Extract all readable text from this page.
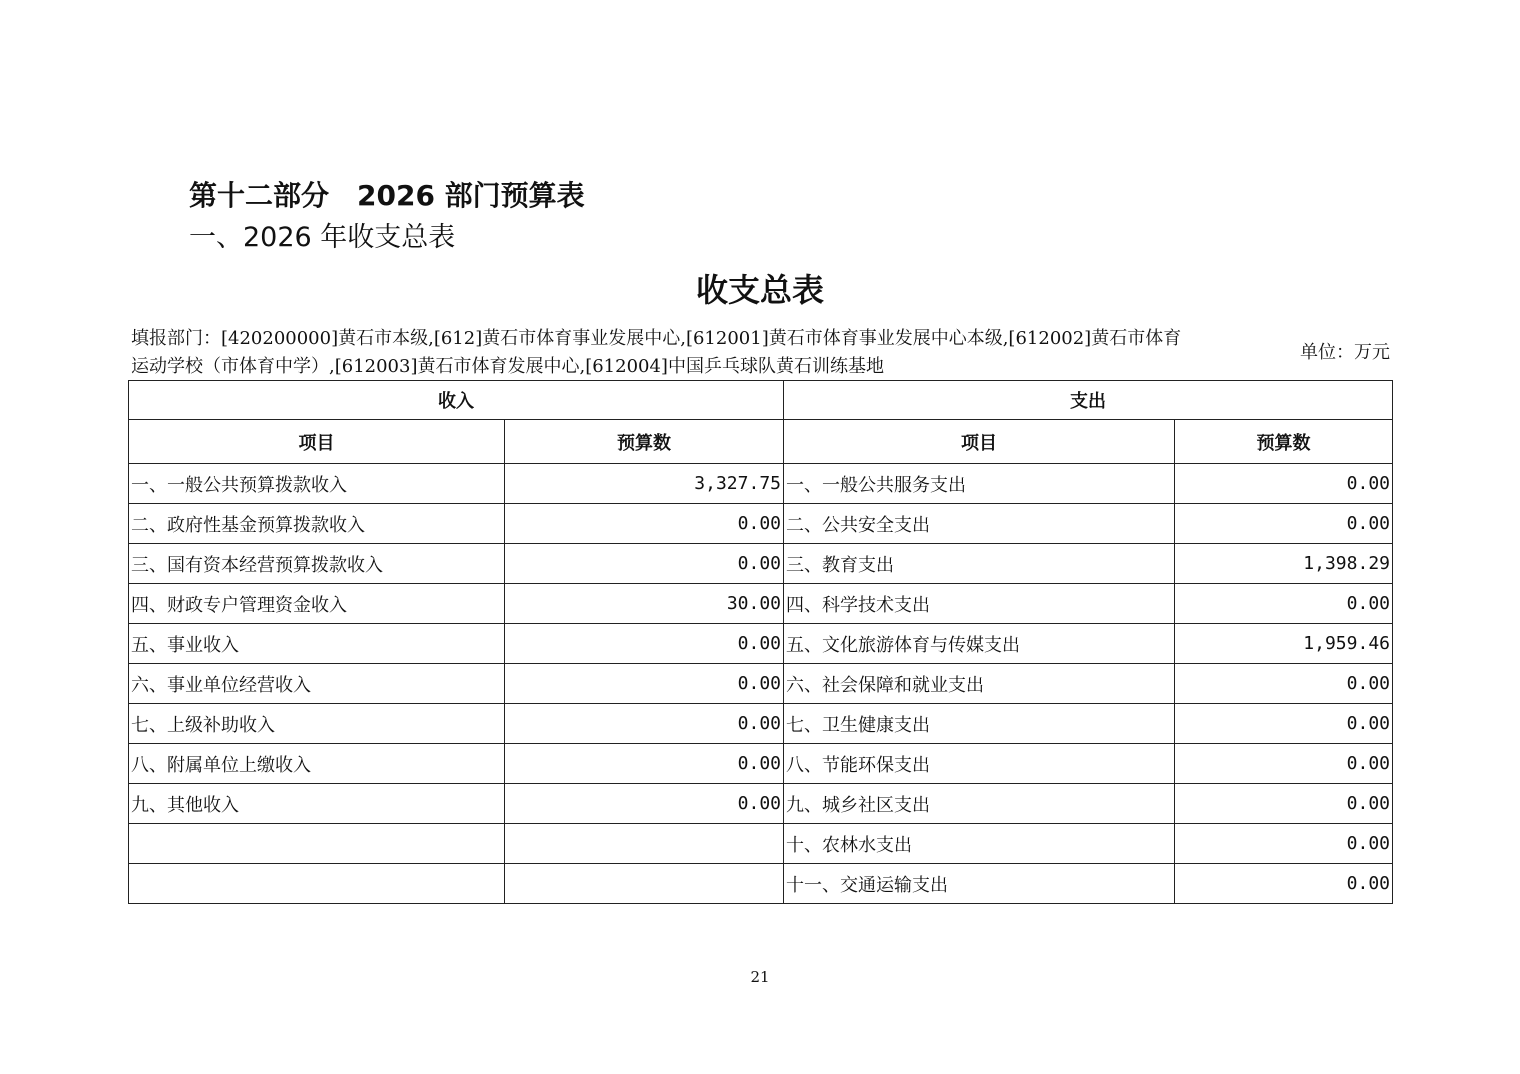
第十二部分　2026 部门预算表
一、2026 年收支总表
收支总表
填报部门：[420200000]黄石市本级,[612]黄石市体育事业发展中心,[612001]黄石市体育事业发展中心本级,[612002]黄石市体育运动学校（市体育中学）,[612003]黄石市体育发展中心,[612004]中国乒乓球队黄石训练基地
单位：万元
收入		支出	
项目	预算数	项目	预算数
一、一般公共预算拨款收入	3,327.75	一、一般公共服务支出	0.00
二、政府性基金预算拨款收入	0.00	二、公共安全支出	0.00
三、国有资本经营预算拨款收入	0.00	三、教育支出	1,398.29
四、财政专户管理资金收入	30.00	四、科学技术支出	0.00
五、事业收入	0.00	五、文化旅游体育与传媒支出	1,959.46
六、事业单位经营收入	0.00	六、社会保障和就业支出	0.00
七、上级补助收入	0.00	七、卫生健康支出	0.00
八、附属单位上缴收入	0.00	八、节能环保支出	0.00
九、其他收入	0.00	九、城乡社区支出	0.00
		十、农林水支出	0.00
		十一、交通运输支出	0.00
21
